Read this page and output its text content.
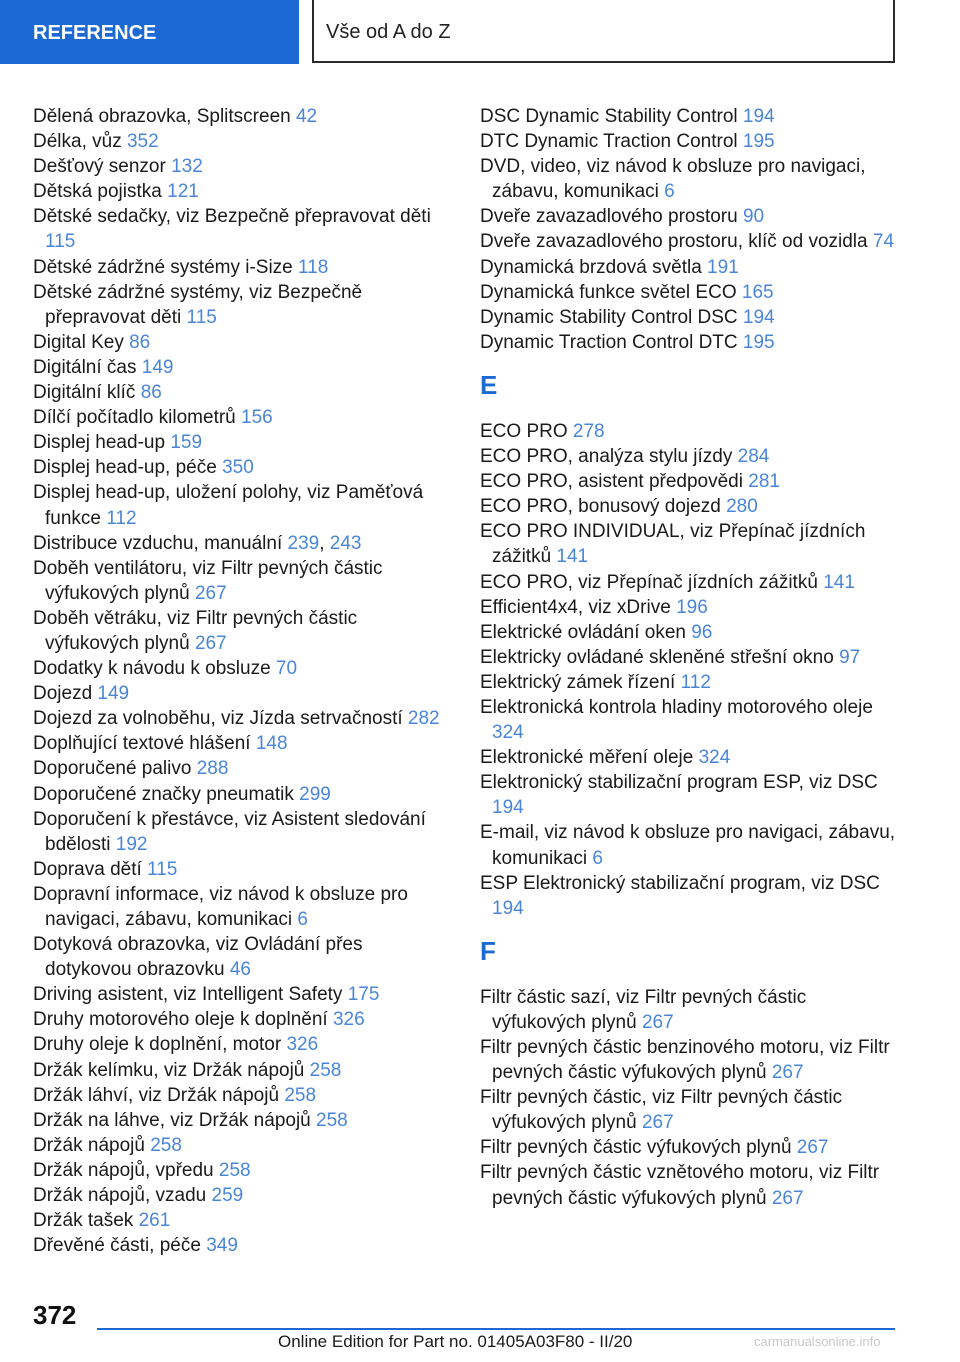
REFERENCE	Vše od A do Z
Dělená obrazovka, Splitscreen 42
Délka, vůz 352
Dešťový senzor 132
Dětská pojistka 121
Dětské sedačky, viz Bezpečně přepravovat děti 115
Dětské zádržné systémy i-Size 118
Dětské zádržné systémy, viz Bezpečně přepravovat děti 115
Digital Key 86
Digitální čas 149
Digitální klíč 86
Dílčí počítadlo kilometrů 156
Displej head-up 159
Displej head-up, péče 350
Displej head-up, uložení polohy, viz Paměťová funkce 112
Distribuce vzduchu, manuální 239, 243
Doběh ventilátoru, viz Filtr pevných částic výfukových plynů 267
Doběh větráku, viz Filtr pevných částic výfukových plynů 267
Dodatky k návodu k obsluze 70
Dojezd 149
Dojezd za volnoběhu, viz Jízda setrvačností 282
Doplňující textové hlášení 148
Doporučené palivo 288
Doporučené značky pneumatik 299
Doporučení k přestávce, viz Asistent sledování bdělosti 192
Doprava dětí 115
Dopravní informace, viz návod k obsluze pro navigaci, zábavu, komunikaci 6
Dotyková obrazovka, viz Ovládání přes dotykovou obrazovku 46
Driving asistent, viz Intelligent Safety 175
Druhy motorového oleje k doplnění 326
Druhy oleje k doplnění, motor 326
Držák kelímku, viz Držák nápojů 258
Držák láhví, viz Držák nápojů 258
Držák na láhve, viz Držák nápojů 258
Držák nápojů 258
Držák nápojů, vpředu 258
Držák nápojů, vzadu 259
Držák tašek 261
Dřevěné části, péče 349
DSC Dynamic Stability Control 194
DTC Dynamic Traction Control 195
DVD, video, viz návod k obsluze pro navigaci, zábavu, komunikaci 6
Dveře zavazadlového prostoru 90
Dveře zavazadlového prostoru, klíč od vozidla 74
Dynamická brzdová světla 191
Dynamická funkce světel ECO 165
Dynamic Stability Control DSC 194
Dynamic Traction Control DTC 195
E
ECO PRO 278
ECO PRO, analýza stylu jízdy 284
ECO PRO, asistent předpovědi 281
ECO PRO, bonusový dojezd 280
ECO PRO INDIVIDUAL, viz Přepínač jízdních zážitků 141
ECO PRO, viz Přepínač jízdních zážitků 141
Efficient4x4, viz xDrive 196
Elektrické ovládání oken 96
Elektricky ovládané skleněné střešní okno 97
Elektrický zámek řízení 112
Elektronická kontrola hladiny motorového oleje 324
Elektronické měření oleje 324
Elektronický stabilizační program ESP, viz DSC 194
E-mail, viz návod k obsluze pro navigaci, zábavu, komunikaci 6
ESP Elektronický stabilizační program, viz DSC 194
F
Filtr částic sazí, viz Filtr pevných částic výfukových plynů 267
Filtr pevných částic benzinového motoru, viz Filtr pevných částic výfukových plynů 267
Filtr pevných částic, viz Filtr pevných částic výfukových plynů 267
Filtr pevných částic výfukových plynů 267
Filtr pevných částic vznětového motoru, viz Filtr pevných částic výfukových plynů 267
372
Online Edition for Part no. 01405A03F80 - II/20	carmanualsonline.info
